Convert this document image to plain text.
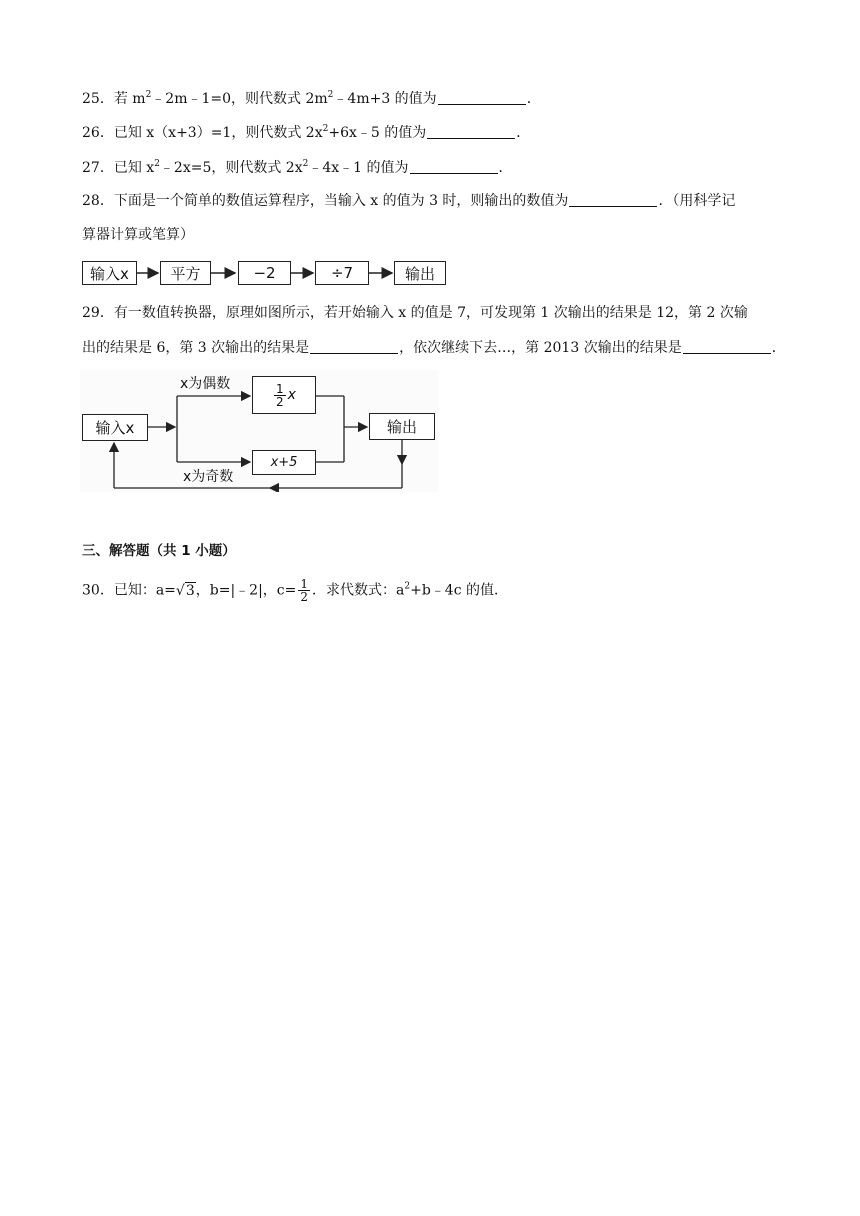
25．若 $m^2﹣2m﹣1=0$，则代数式 $2m^2﹣4m+3$ 的值为	．
26．已知 x（x+3）=1，则代数式 $2x^2+6x﹣5$ 的值为	．
27．已知 $x^2﹣2x=5$，则代数式 $2x^2﹣4x﹣1$ 的值为	．
28．下面是一个简单的数值运算程序，当输入 x 的值为 3 时，则输出的数值为	．（用科学记
算器计算或笔算）
输入x	平方	−2	÷7	输出
29．有一数值转换器，原理如图所示，若开始输入 x 的值是 7，可发现第 1 次输出的结果是 12，第 2 次输
出的结果是 6，第 3 次输出的结果是	，依次继续下去…，第 2013 次输出的结果是	．
输入x
x为偶数
x为奇数
$\frac{1}{2}$ x
x+5
输出
三、解答题（共 1 小题）
30．已知：a=√3，b=|﹣2|，$c= \frac{1}{2}$ ．求代数式：$a^2+b﹣4c$ 的值．
